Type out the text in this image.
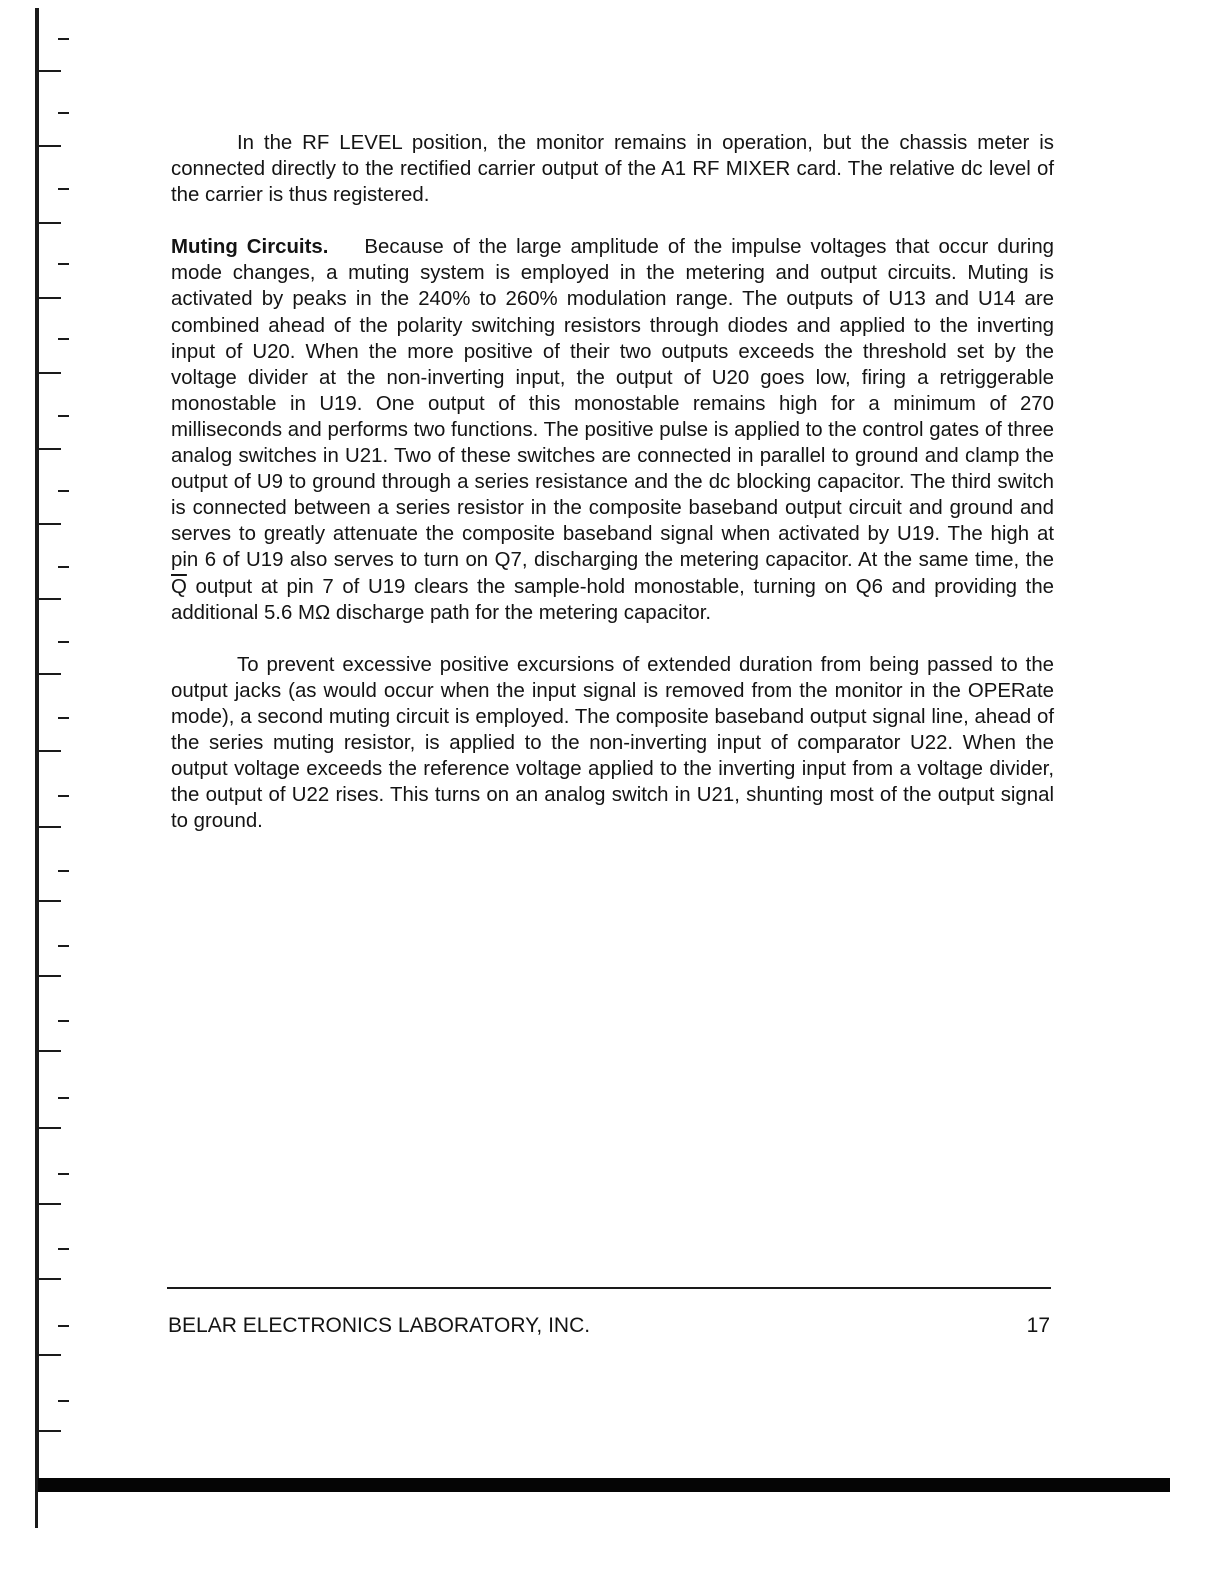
In the RF LEVEL position, the monitor remains in operation, but the chassis meter is connected directly to the rectified carrier output of the A1 RF MIXER card. The relative dc level of the carrier is thus registered.

Muting Circuits. Because of the large amplitude of the impulse voltages that occur during mode changes, a muting system is employed in the metering and output circuits. Muting is activated by peaks in the 240% to 260% modulation range. The outputs of U13 and U14 are combined ahead of the polarity switching resistors through diodes and applied to the inverting input of U20. When the more positive of their two outputs exceeds the threshold set by the voltage divider at the non-inverting input, the output of U20 goes low, firing a retriggerable monostable in U19. One output of this monostable remains high for a minimum of 270 milliseconds and performs two functions. The positive pulse is applied to the control gates of three analog switches in U21. Two of these switches are connected in parallel to ground and clamp the output of U9 to ground through a series resistance and the dc blocking capacitor. The third switch is connected between a series resistor in the composite baseband output circuit and ground and serves to greatly attenuate the composite baseband signal when activated by U19. The high at pin 6 of U19 also serves to turn on Q7, discharging the metering capacitor. At the same time, the $\overline{Q}$ output at pin 7 of U19 clears the sample-hold monostable, turning on Q6 and providing the additional 5.6 MΩ discharge path for the metering capacitor.

To prevent excessive positive excursions of extended duration from being passed to the output jacks (as would occur when the input signal is removed from the monitor in the OPERate mode), a second muting circuit is employed. The composite baseband output signal line, ahead of the series muting resistor, is applied to the non-inverting input of comparator U22. When the output voltage exceeds the reference voltage applied to the inverting input from a voltage divider, the output of U22 rises. This turns on an analog switch in U21, shunting most of the output signal to ground.

BELAR ELECTRONICS LABORATORY, INC.	17
